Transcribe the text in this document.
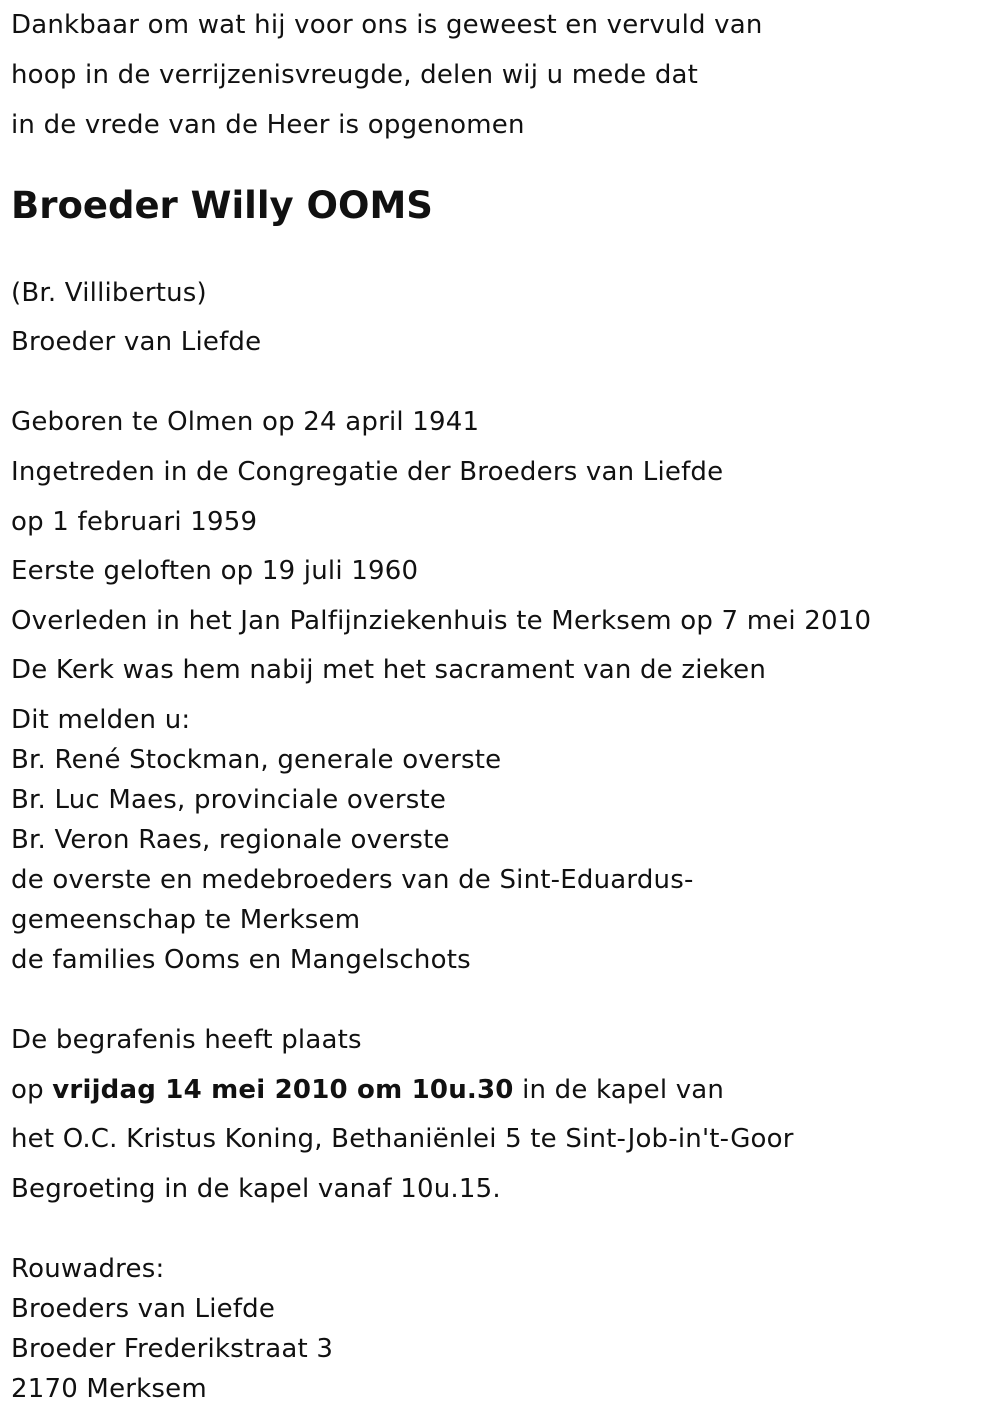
Dankbaar om wat hij voor ons is geweest en vervuld van
hoop in de verrijzenisvreugde, delen wij u mede dat
in de vrede van de Heer is opgenomen
Broeder Willy OOMS
(Br. Villibertus)
Broeder van Liefde
Geboren te Olmen op 24 april 1941
Ingetreden in de Congregatie der Broeders van Liefde
op 1 februari 1959
Eerste geloften op 19 juli 1960
Overleden in het Jan Palfijnziekenhuis te Merksem op 7 mei 2010
De Kerk was hem nabij met het sacrament van de zieken
Dit melden u:
Br. René Stockman, generale overste
Br. Luc Maes, provinciale overste
Br. Veron Raes, regionale overste
de overste en medebroeders van de Sint-Eduardus-
gemeenschap te Merksem
de families Ooms en Mangelschots
De begrafenis heeft plaats
op vrijdag 14 mei 2010 om 10u.30 in de kapel van
het O.C. Kristus Koning, Bethaniënlei 5 te Sint-Job-in't-Goor
Begroeting in de kapel vanaf 10u.15.
Rouwadres:
Broeders van Liefde
Broeder Frederikstraat 3
2170 Merksem
